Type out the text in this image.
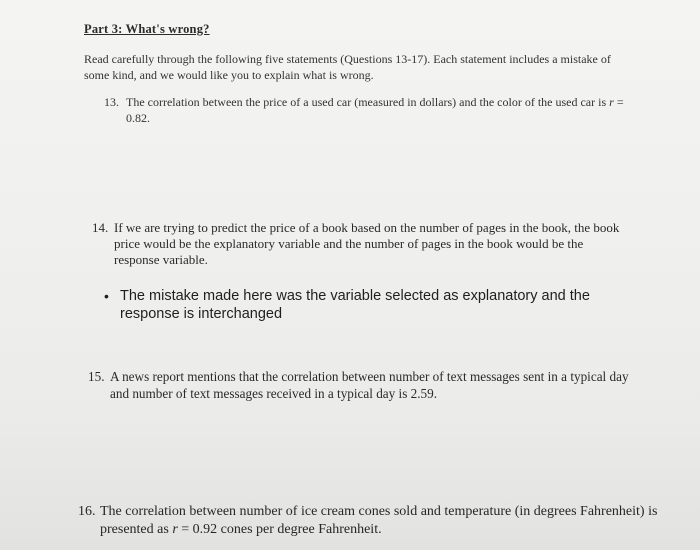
Part 3: What's wrong?
Read carefully through the following five statements (Questions 13-17). Each statement includes a mistake of some kind, and we would like you to explain what is wrong.
13. The correlation between the price of a used car (measured in dollars) and the color of the used car is r = 0.82.
14. If we are trying to predict the price of a book based on the number of pages in the book, the book price would be the explanatory variable and the number of pages in the book would be the response variable.
• The mistake made here was the variable selected as explanatory and the response is interchanged
15. A news report mentions that the correlation between number of text messages sent in a typical day and number of text messages received in a typical day is 2.59.
16. The correlation between number of ice cream cones sold and temperature (in degrees Fahrenheit) is presented as r = 0.92 cones per degree Fahrenheit.
